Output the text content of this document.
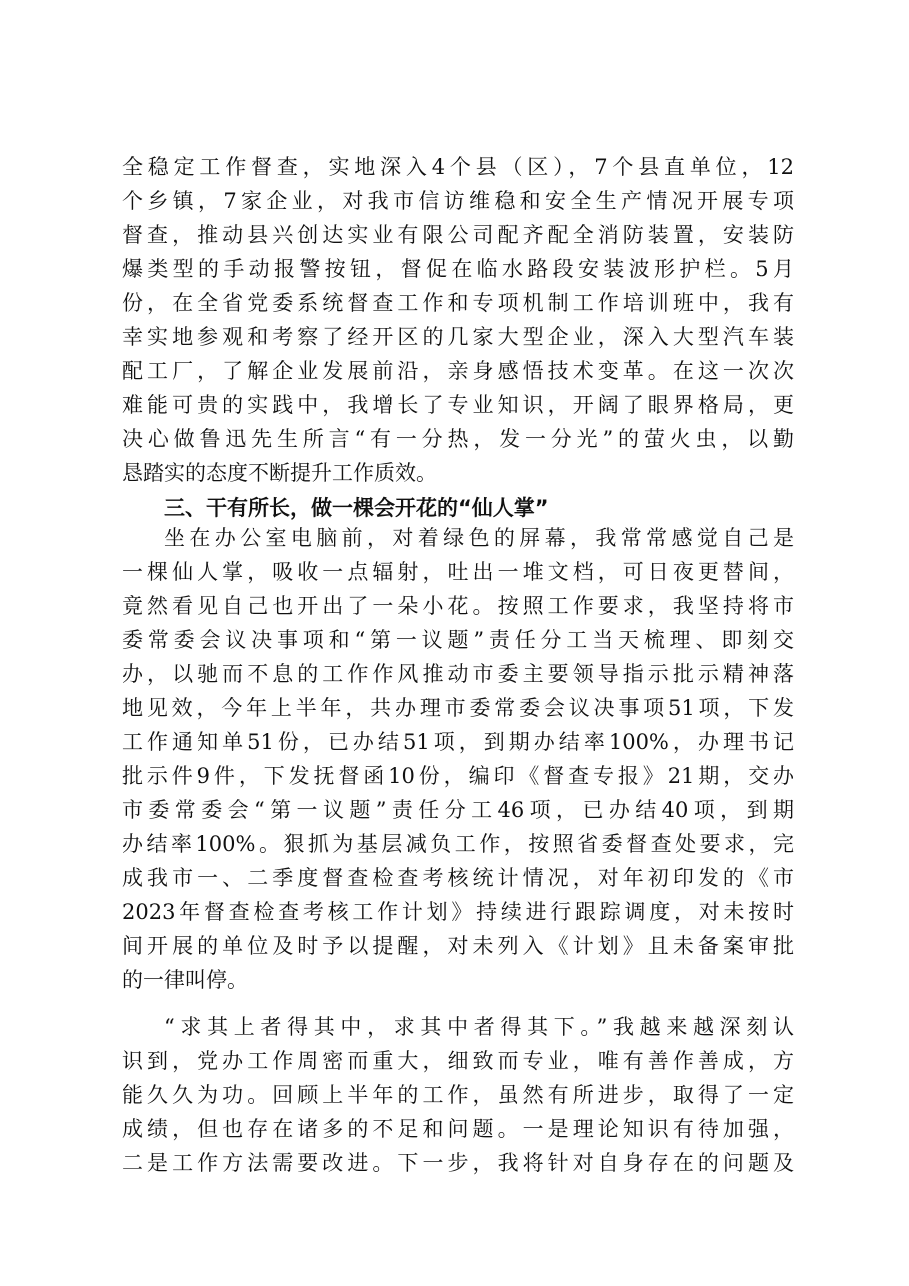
全稳定工作督查，实地深入4个县（区），7个县直单位，12
个乡镇，7家企业，对我市信访维稳和安全生产情况开展专项
督查，推动县兴创达实业有限公司配齐配全消防装置，安装防
爆类型的手动报警按钮，督促在临水路段安装波形护栏。5月
份，在全省党委系统督查工作和专项机制工作培训班中，我有
幸实地参观和考察了经开区的几家大型企业，深入大型汽车装
配工厂，了解企业发展前沿，亲身感悟技术变革。在这一次次
难能可贵的实践中，我增长了专业知识，开阔了眼界格局，更
决心做鲁迅先生所言“有一分热，发一分光”的萤火虫，以勤
恳踏实的态度不断提升工作质效。
三、干有所长，做一棵会开花的“仙人掌”
坐在办公室电脑前，对着绿色的屏幕，我常常感觉自己是
一棵仙人掌，吸收一点辐射，吐出一堆文档，可日夜更替间，
竟然看见自己也开出了一朵小花。按照工作要求，我坚持将市
委常委会议决事项和“第一议题”责任分工当天梳理、即刻交
办，以驰而不息的工作作风推动市委主要领导指示批示精神落
地见效，今年上半年，共办理市委常委会议决事项51项，下发
工作通知单51份，已办结51项，到期办结率100%，办理书记
批示件9件，下发抚督函10份，编印《督查专报》21期，交办
市委常委会“第一议题”责任分工46项，已办结40项，到期
办结率100%。狠抓为基层减负工作，按照省委督查处要求，完
成我市一、二季度督查检查考核统计情况，对年初印发的《市
2023年督查检查考核工作计划》持续进行跟踪调度，对未按时
间开展的单位及时予以提醒，对未列入《计划》且未备案审批
的一律叫停。
“求其上者得其中，求其中者得其下。”我越来越深刻认
识到，党办工作周密而重大，细致而专业，唯有善作善成，方
能久久为功。回顾上半年的工作，虽然有所进步，取得了一定
成绩，但也存在诸多的不足和问题。一是理论知识有待加强，
二是工作方法需要改进。下一步，我将针对自身存在的问题及
